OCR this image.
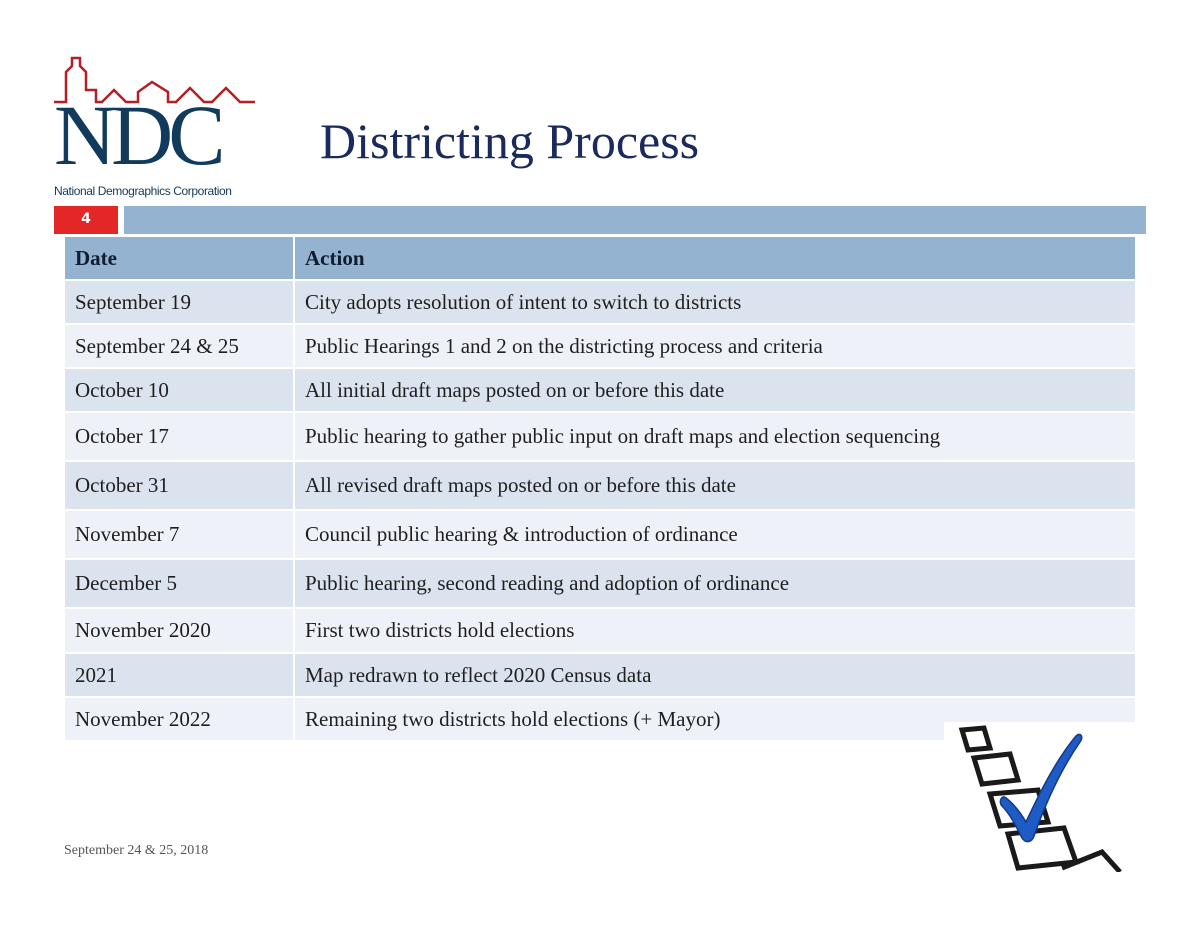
NDC
National Demographics Corporation
Districting Process
4
Date	Action
September 19	City adopts resolution of intent to switch to districts
September 24 & 25	Public Hearings 1 and 2 on the districting process and criteria
October 10	All initial draft maps posted on or before this date
October 17	Public hearing to gather public input on draft maps and election sequencing
October 31	All revised draft maps posted on or before this date
November 7	Council public hearing & introduction of ordinance
December 5	Public hearing, second reading and adoption of ordinance
November 2020	First two districts hold elections
2021	Map redrawn to reflect 2020 Census data
November 2022	Remaining two districts hold elections (+ Mayor)
September 24 & 25, 2018
